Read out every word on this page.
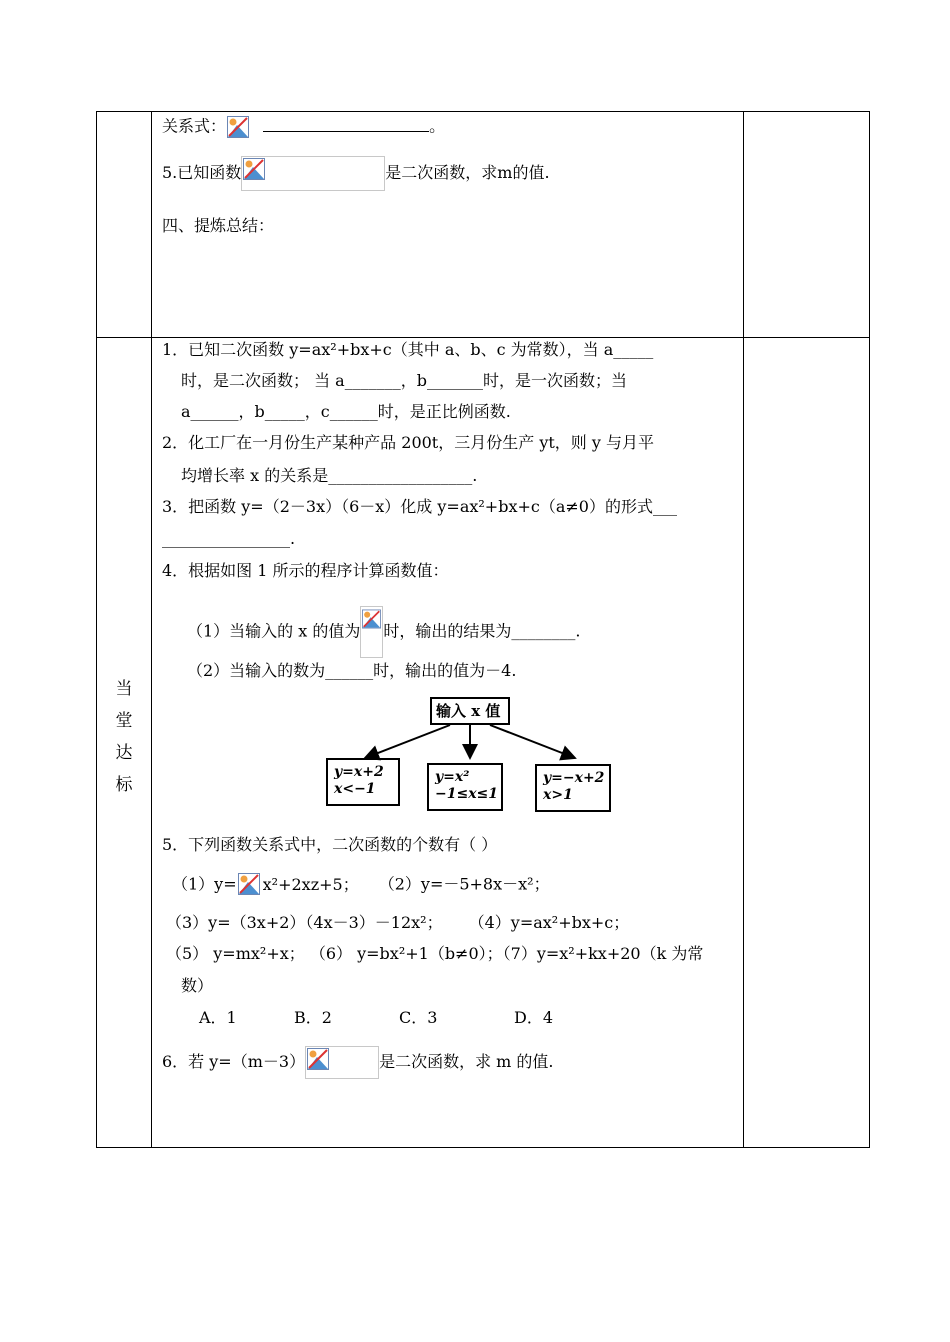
关系式：	。
5.已知函数	是二次函数，求m的值.
四、提炼总结：
当
堂
达
标
1．已知二次函数 y=ax²+bx+c（其中 a、b、c 为常数），当 a_____
时，是二次函数； 当 a_______，b_______时，是一次函数；当
a______，b_____，c______时，是正比例函数.
2．化工厂在一月份生产某种产品 200t，三月份生产 yt，则 y 与月平
均增长率 x 的关系是__________________.
3．把函数 y=（2－3x）（6－x）化成 y=ax²+bx+c（a≠0）的形式___
________________.
4．根据如图 1 所示的程序计算函数值：
（1）当输入的 x 的值为 时，输出的结果为________.
（2）当输入的数为______时，输出的值为－4.
输入 x 值
y=x+2
x<−1
y=x²
−1≤x≤1
y=−x+2
x>1
5．下列函数关系式中，二次函数的个数有（ ）
（1）y= x²+2xz+5； （2）y=－5+8x－x²；
（3）y=（3x+2）（4x－3）－12x²； （4）y=ax²+bx+c；
（5） y=mx²+x； （6） y=bx²+1（b≠0）；（7）y=x²+kx+20（k 为常
数）
A．1	B．2	C．3	D．4
6．若 y=（m－3）	是二次函数，求 m 的值.
